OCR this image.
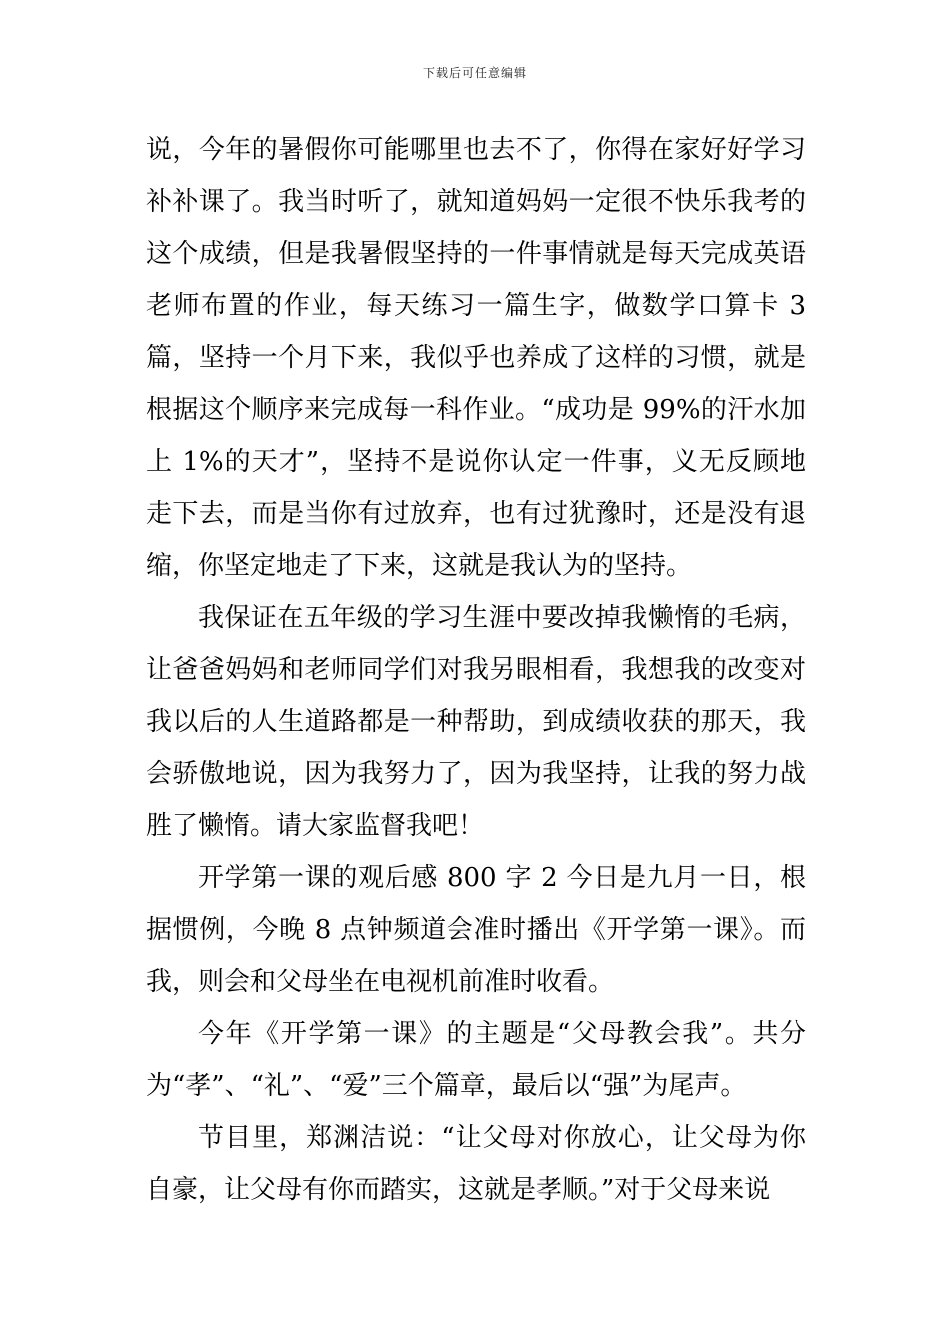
下载后可任意编辑

说，今年的暑假你可能哪里也去不了，你得在家好好学习补补课了。我当时听了，就知道妈妈一定很不快乐我考的这个成绩，但是我暑假坚持的一件事情就是每天完成英语老师布置的作业，每天练习一篇生字，做数学口算卡 3 篇，坚持一个月下来，我似乎也养成了这样的习惯，就是根据这个顺序来完成每一科作业。“成功是 99%的汗水加上 1%的天才”，坚持不是说你认定一件事，义无反顾地走下去，而是当你有过放弃，也有过犹豫时，还是没有退缩，你坚定地走了下来，这就是我认为的坚持。

我保证在五年级的学习生涯中要改掉我懒惰的毛病，让爸爸妈妈和老师同学们对我另眼相看，我想我的改变对我以后的人生道路都是一种帮助，到成绩收获的那天，我会骄傲地说，因为我努力了，因为我坚持，让我的努力战胜了懒惰。请大家监督我吧！

开学第一课的观后感 800 字 2 今日是九月一日，根据惯例，今晚 8 点钟频道会准时播出《开学第一课》。而我，则会和父母坐在电视机前准时收看。

今年《开学第一课》的主题是“父母教会我”。共分为“孝”、“礼”、“爱”三个篇章，最后以“强”为尾声。

节目里，郑渊洁说：“让父母对你放心，让父母为你自豪，让父母有你而踏实，这就是孝顺。”对于父母来说
